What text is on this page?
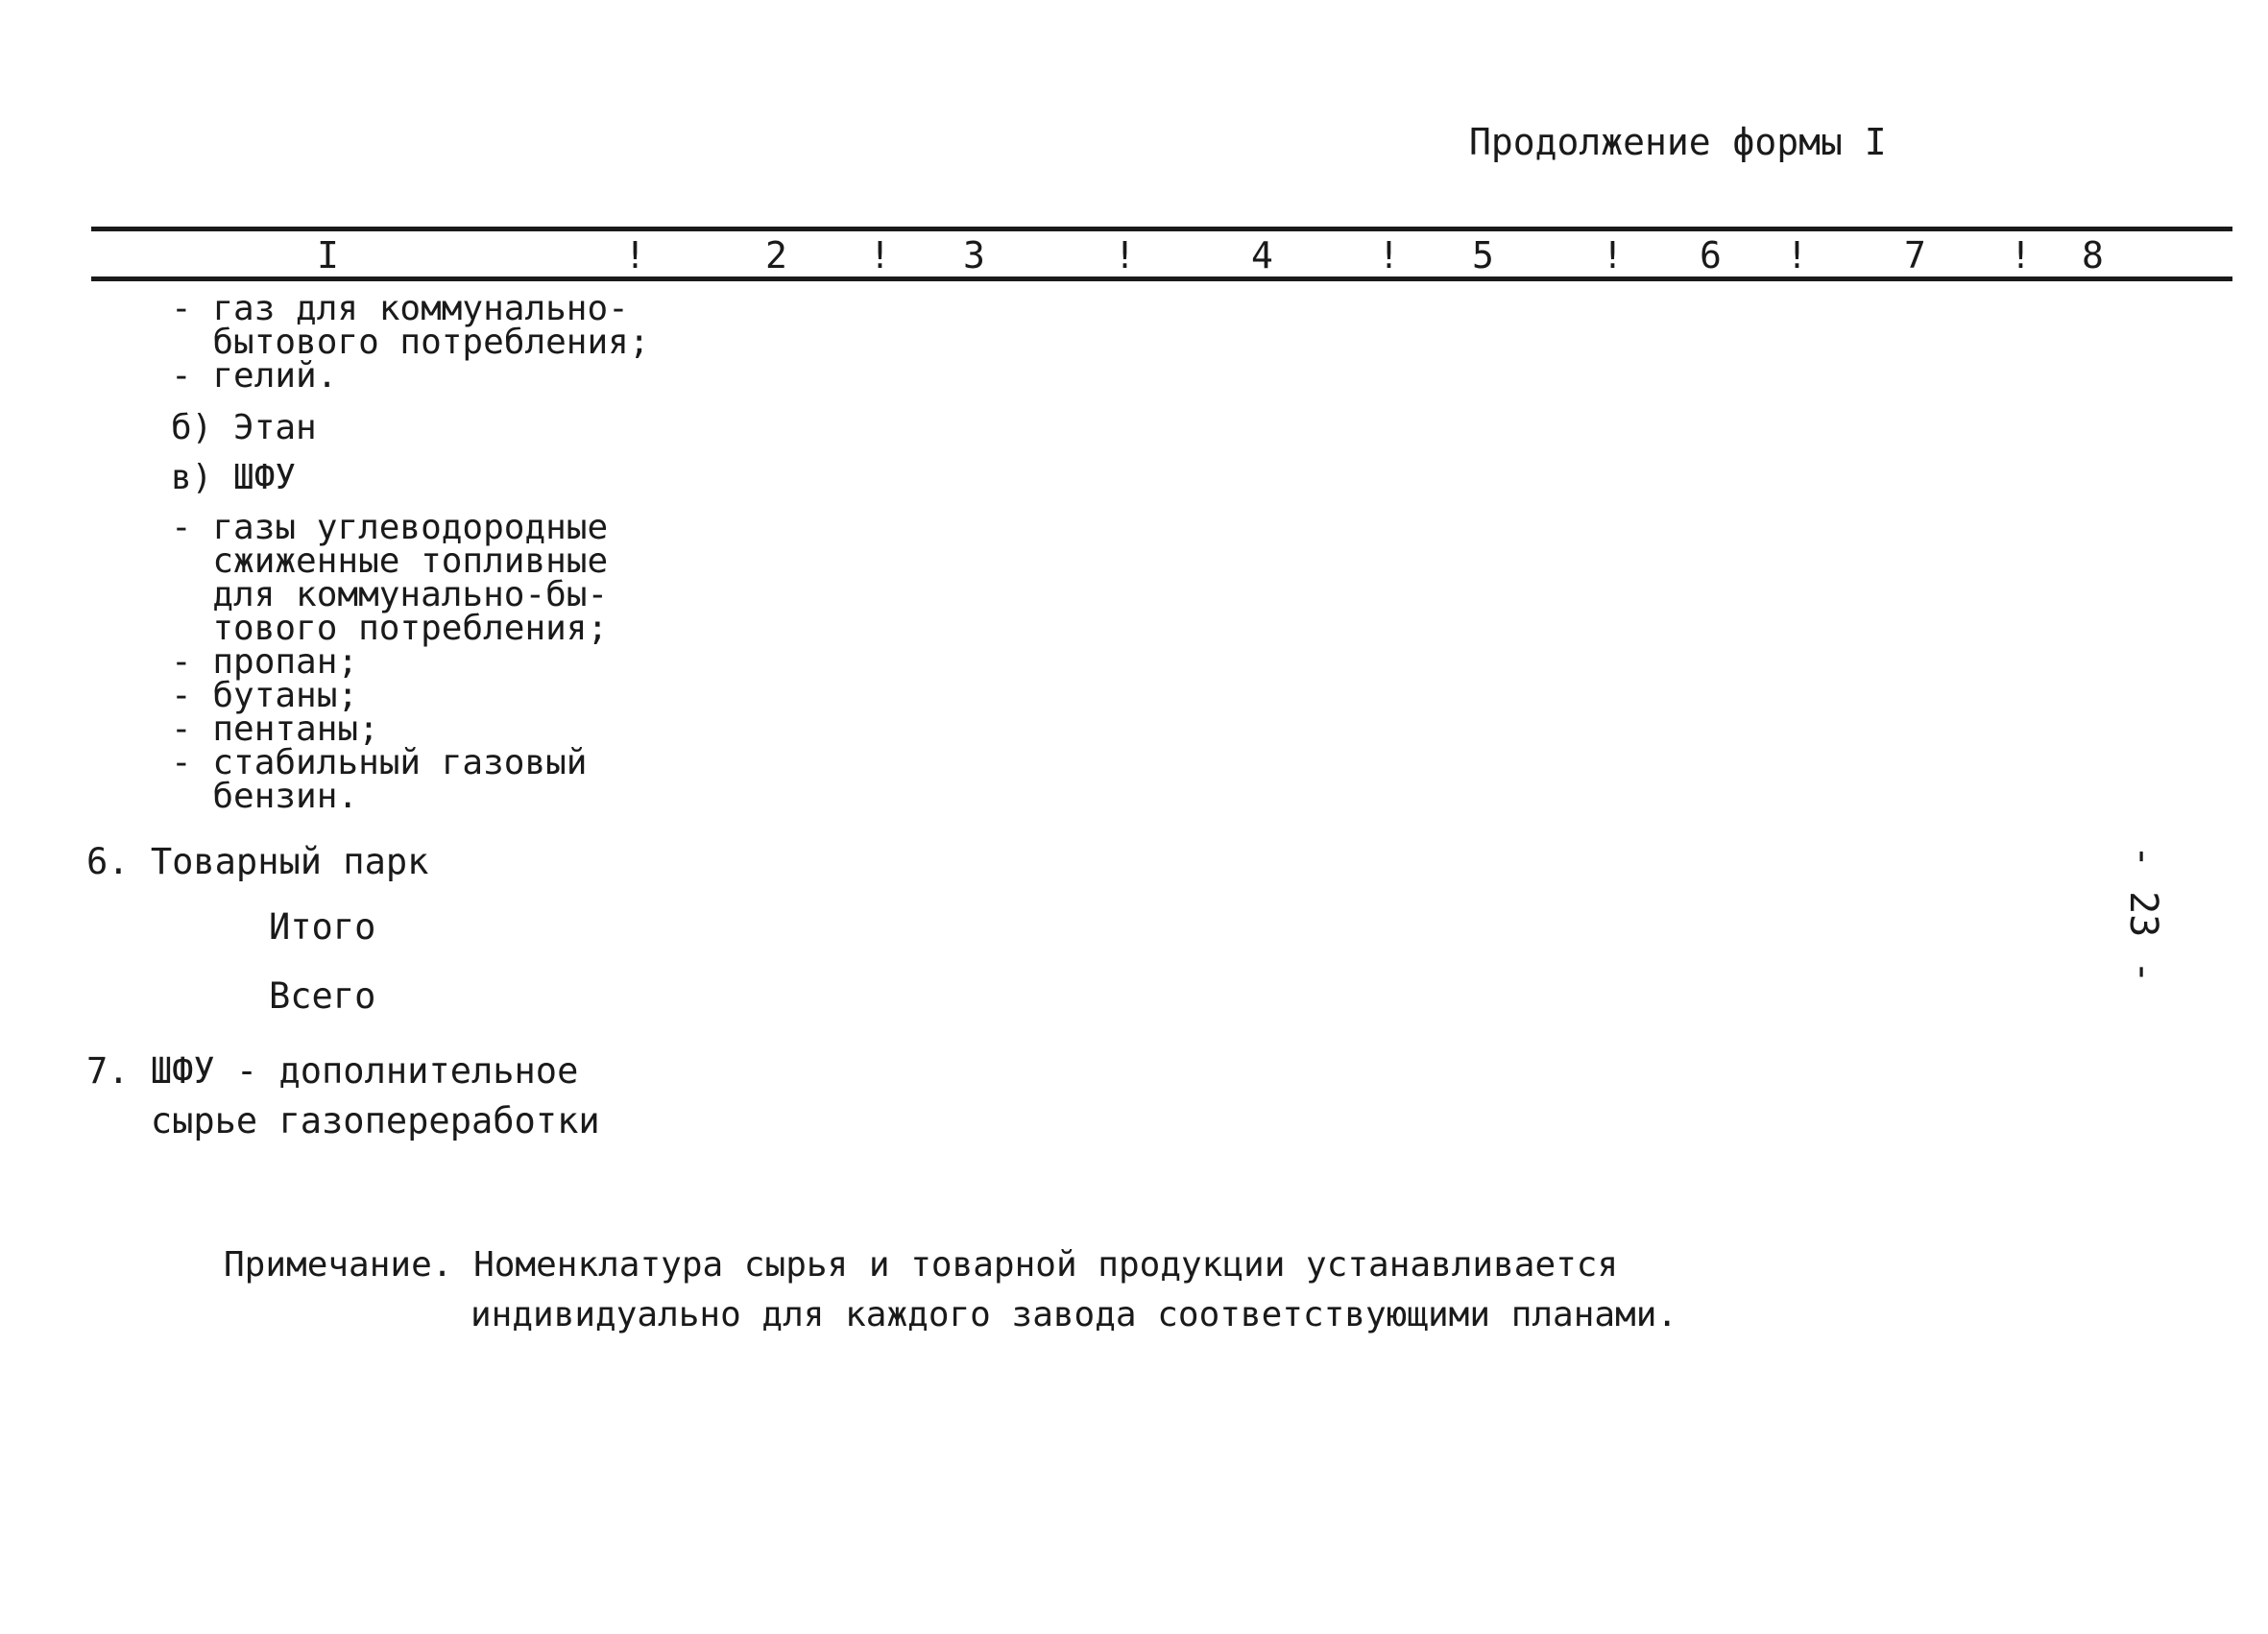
Продолжение формы I
I	!	2 ! 3	!	4	! 5	! 6 !	7 ! 8
- газ для коммунально-
бытового потребления;
- гелий.
б) Этан
в) ШФУ
- газы углеводородные
сжиженные топливные
для коммунально-бы-
тового потребления;
- пропан;
- бутаны;
- пентаны;
- стабильный газовый
бензин.
6. Товарный парк
Итого
Всего
7. ШФУ - дополнительное
сырье газопереработки
- 23 -
Примечание. Номенклатура сырья и товарной продукции устанавливается
индивидуально для каждого завода соответствующими планами.
